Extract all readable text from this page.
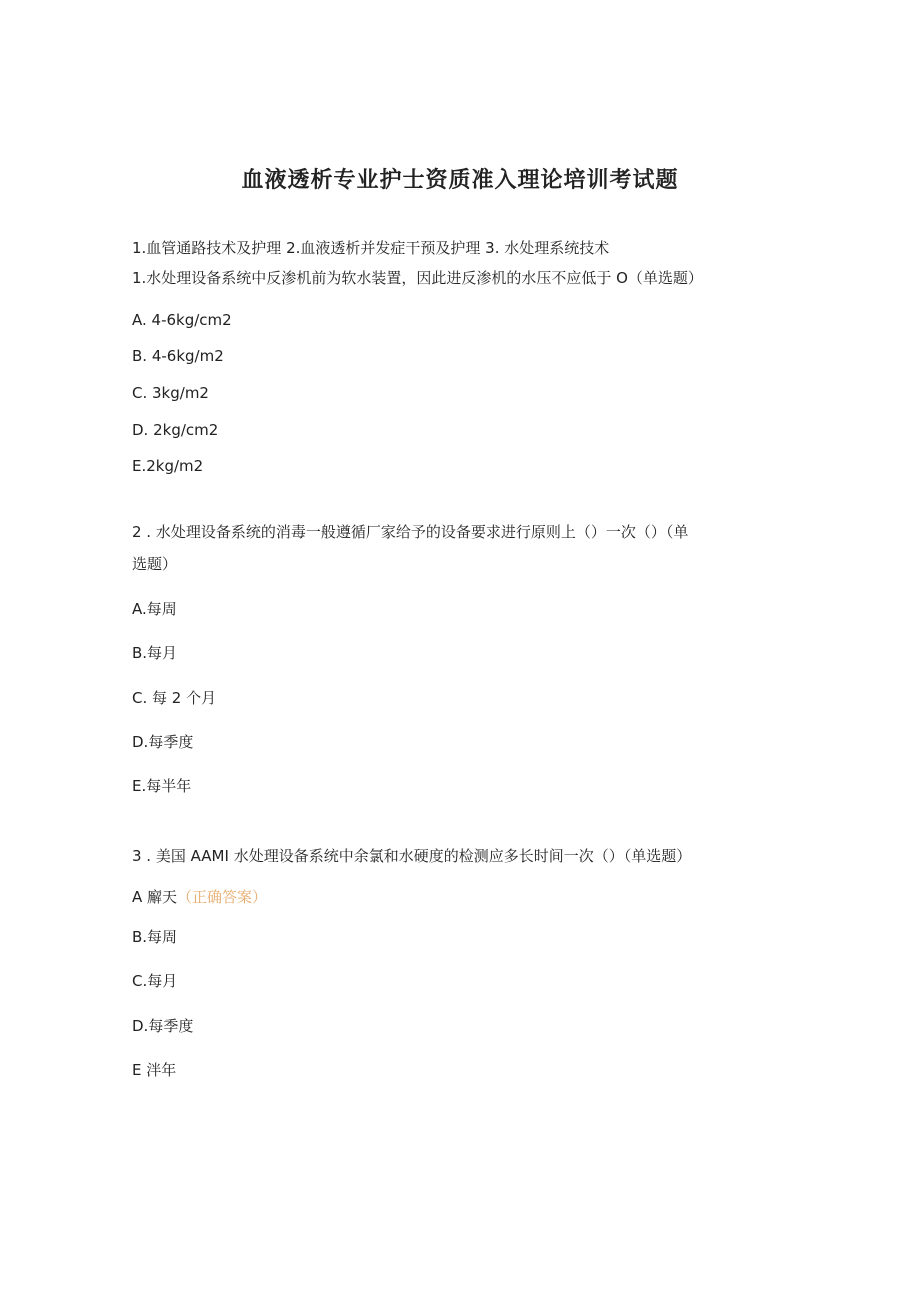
血液透析专业护士资质准入理论培训考试题

1.血管通路技术及护理 2.血液透析并发症干预及护理 3. 水处理系统技术

1.水处理设备系统中反渗机前为软水装置，因此进反渗机的水压不应低于 O（单选题）

A. 4-6kg∕cm2

B. 4-6kg∕m2

C. 3kg∕m2

D. 2kg∕cm2

E.2kg∕m2

2 . 水处理设备系统的消毒一般遵循厂家给予的设备要求进行原则上（）一次（）（单

选题）

A.每周

B.每月

C. 每 2 个月

D.每季度

E.每半年

3 . 美国 AAMI 水处理设备系统中余氯和水硬度的检测应多长时间一次（）（单选题）

A 廨天（正确答案）

B.每周

C.每月

D.每季度

E 泮年
